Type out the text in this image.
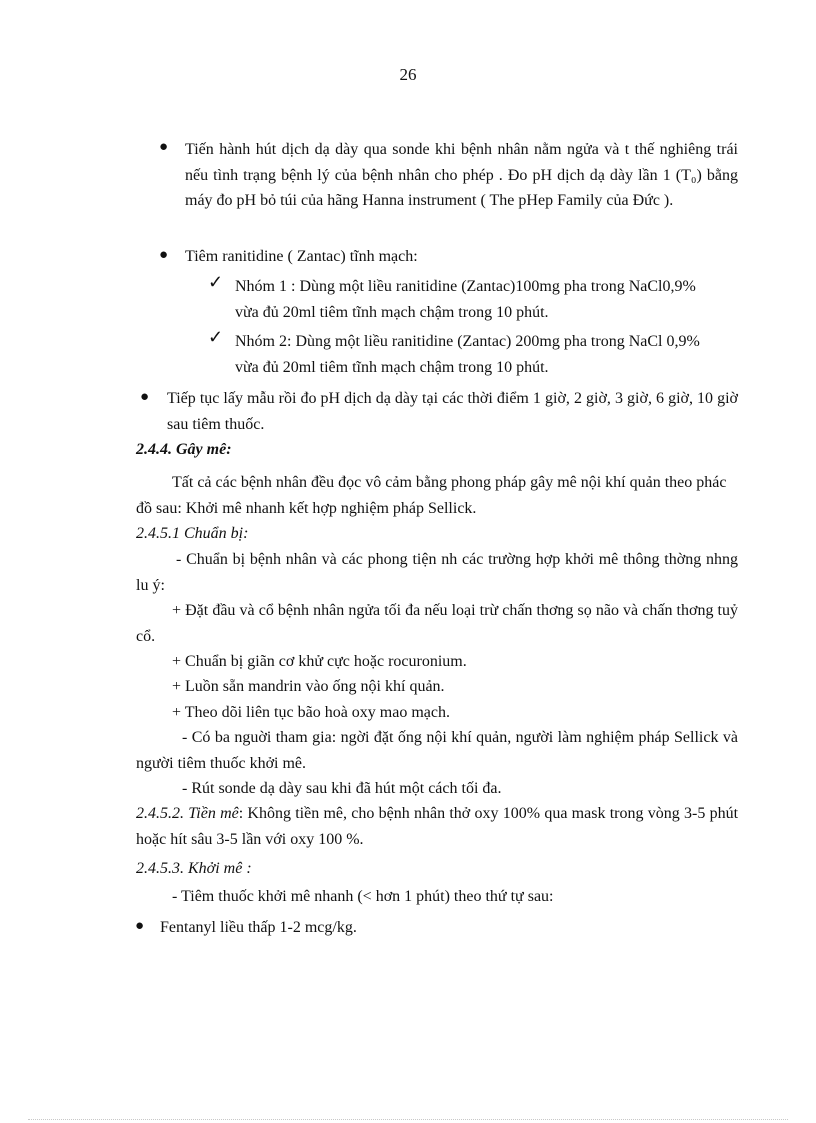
26
● Tiến hành hút dịch dạ dày qua sonde khi bệnh nhân nằm ngửa và t thế nghiêng trái nếu tình trạng bệnh lý của bệnh nhân cho phép . Đo pH dịch dạ dày lần 1 (T₀) bằng máy đo pH bỏ túi của hãng Hanna instrument ( The pHep Family của Đức ).
● Tiêm ranitidine ( Zantac) tĩnh mạch:
✓ Nhóm 1 : Dùng một liều ranitidine (Zantac)100mg pha trong NaCl0,9% vừa đủ 20ml tiêm tĩnh mạch chậm trong 10 phút.
✓ Nhóm 2: Dùng một liều ranitidine (Zantac) 200mg pha trong NaCl 0,9% vừa đủ 20ml tiêm tĩnh mạch chậm trong 10 phút.
● Tiếp tục lấy mẫu rồi đo pH dịch dạ dày tại các thời điểm 1 giờ, 2 giờ, 3 giờ, 6 giờ, 10 giờ sau tiêm thuốc.
2.4.4. Gây mê:
Tất cả các bệnh nhân đều đọc vô cảm bằng phong pháp gây mê nội khí quản theo phác đồ sau: Khởi mê nhanh kết hợp nghiệm pháp Sellick.
2.4.5.1 Chuẩn bị:
- Chuẩn bị bệnh nhân và các phong tiện nh các trường hợp khởi mê thông thờng nhng lu ý:
+ Đặt đầu và cổ bệnh nhân ngửa tối đa nếu loại trừ chấn thơng sọ não và chấn thơng tuỷ cổ.
+ Chuẩn bị giãn cơ khử cực hoặc rocuronium.
+ Luồn sẵn mandrin vào ống nội khí quản.
+ Theo dõi liên tục bão hoà oxy mao mạch.
- Có ba nguời tham gia: ngời đặt ống nội khí quản, người làm nghiệm pháp Sellick và người tiêm thuốc khởi mê.
- Rút sonde dạ dày sau khi đã hút một cách tối đa.
2.4.5.2. Tiền mê: Không tiền mê, cho bệnh nhân thở oxy 100% qua mask trong vòng 3-5 phút hoặc hít sâu 3-5 lần với oxy 100 %.
2.4.5.3. Khởi mê :
- Tiêm thuốc khởi mê nhanh (< hơn 1 phút) theo thứ tự sau:
● Fentanyl liều thấp 1-2 mcg/kg.
